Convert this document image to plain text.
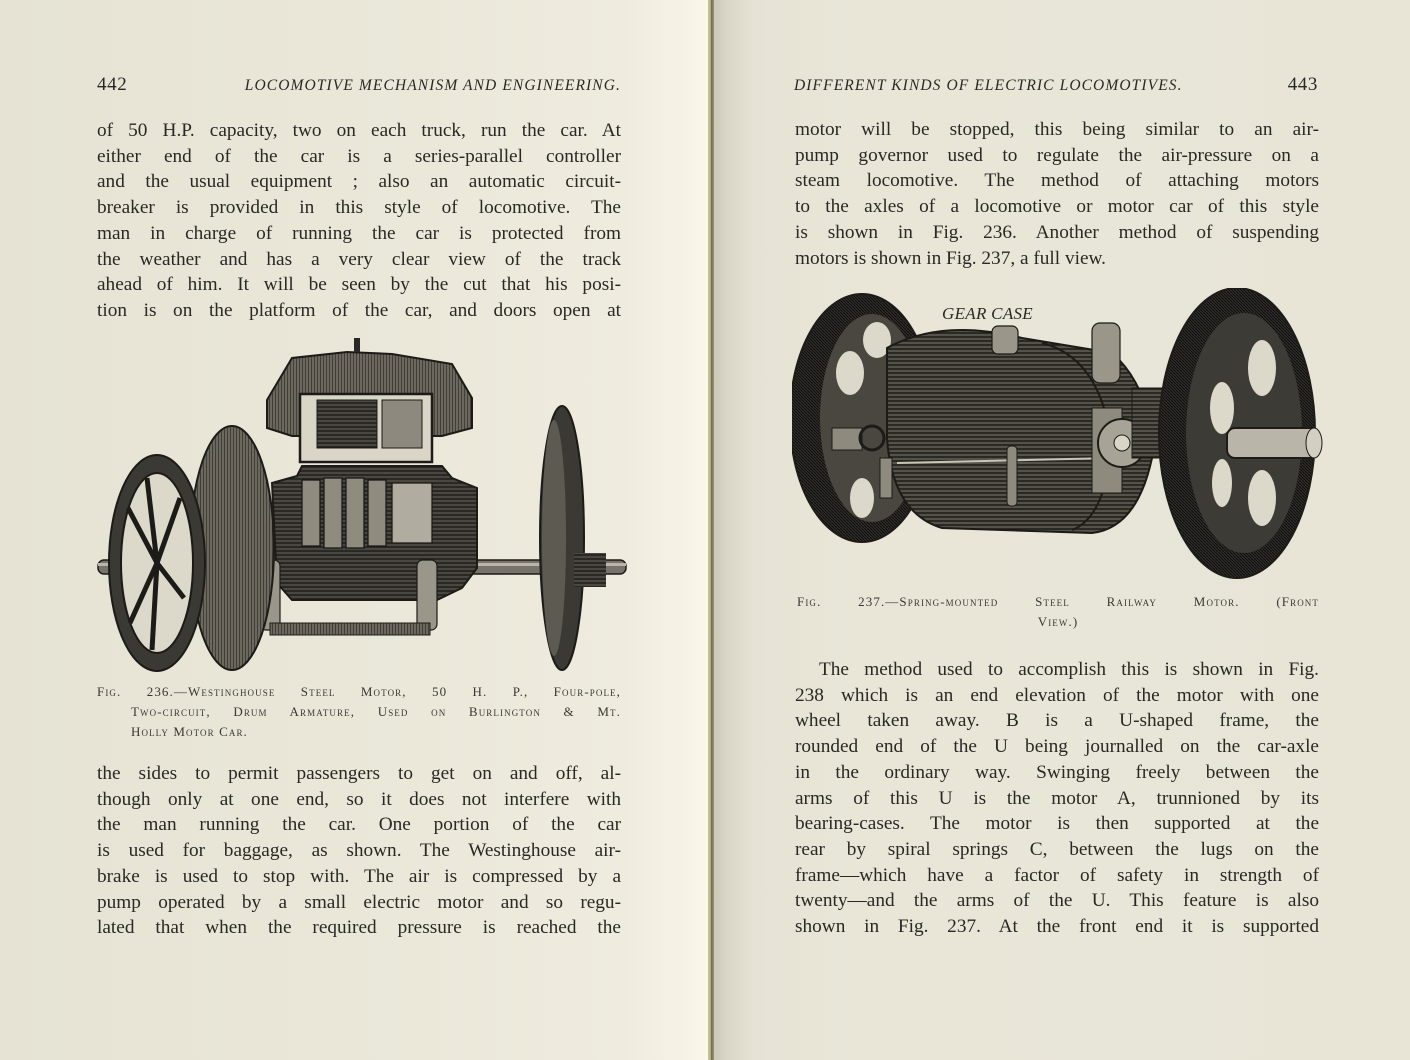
442	LOCOMOTIVE MECHANISM AND ENGINEERING.
of 50 H.P. capacity, two on each truck, run the car. At
either end of the car is a series-parallel controller
and the usual equipment ; also an automatic circuit-
breaker is provided in this style of locomotive. The
man in charge of running the car is protected from
the weather and has a very clear view of the track
ahead of him. It will be seen by the cut that his posi-
tion is on the platform of the car, and doors open at
Fig. 236.—Westinghouse Steel Motor, 50 H. P., Four-pole,
Two-circuit, Drum Armature, Used on Burlington & Mt.
Holly Motor Car.
the sides to permit passengers to get on and off, al-
though only at one end, so it does not interfere with
the man running the car. One portion of the car
is used for baggage, as shown. The Westinghouse air-
brake is used to stop with. The air is compressed by a
pump operated by a small electric motor and so regu-
lated that when the required pressure is reached the
DIFFERENT KINDS OF ELECTRIC LOCOMOTIVES.	443
motor will be stopped, this being similar to an air-
pump governor used to regulate the air-pressure on a
steam locomotive. The method of attaching motors
to the axles of a locomotive or motor car of this style
is shown in Fig. 236. Another method of suspending
motors is shown in Fig. 237, a full view.
GEAR CASE
Fig. 237.—Spring-mounted Steel Railway Motor. (Front
View.)
The method used to accomplish this is shown in Fig.
238 which is an end elevation of the motor with one
wheel taken away. B is a U-shaped frame, the
rounded end of the U being journalled on the car-axle
in the ordinary way. Swinging freely between the
arms of this U is the motor A, trunnioned by its
bearing-cases. The motor is then supported at the
rear by spiral springs C, between the lugs on the
frame—which have a factor of safety in strength of
twenty—and the arms of the U. This feature is also
shown in Fig. 237. At the front end it is supported
